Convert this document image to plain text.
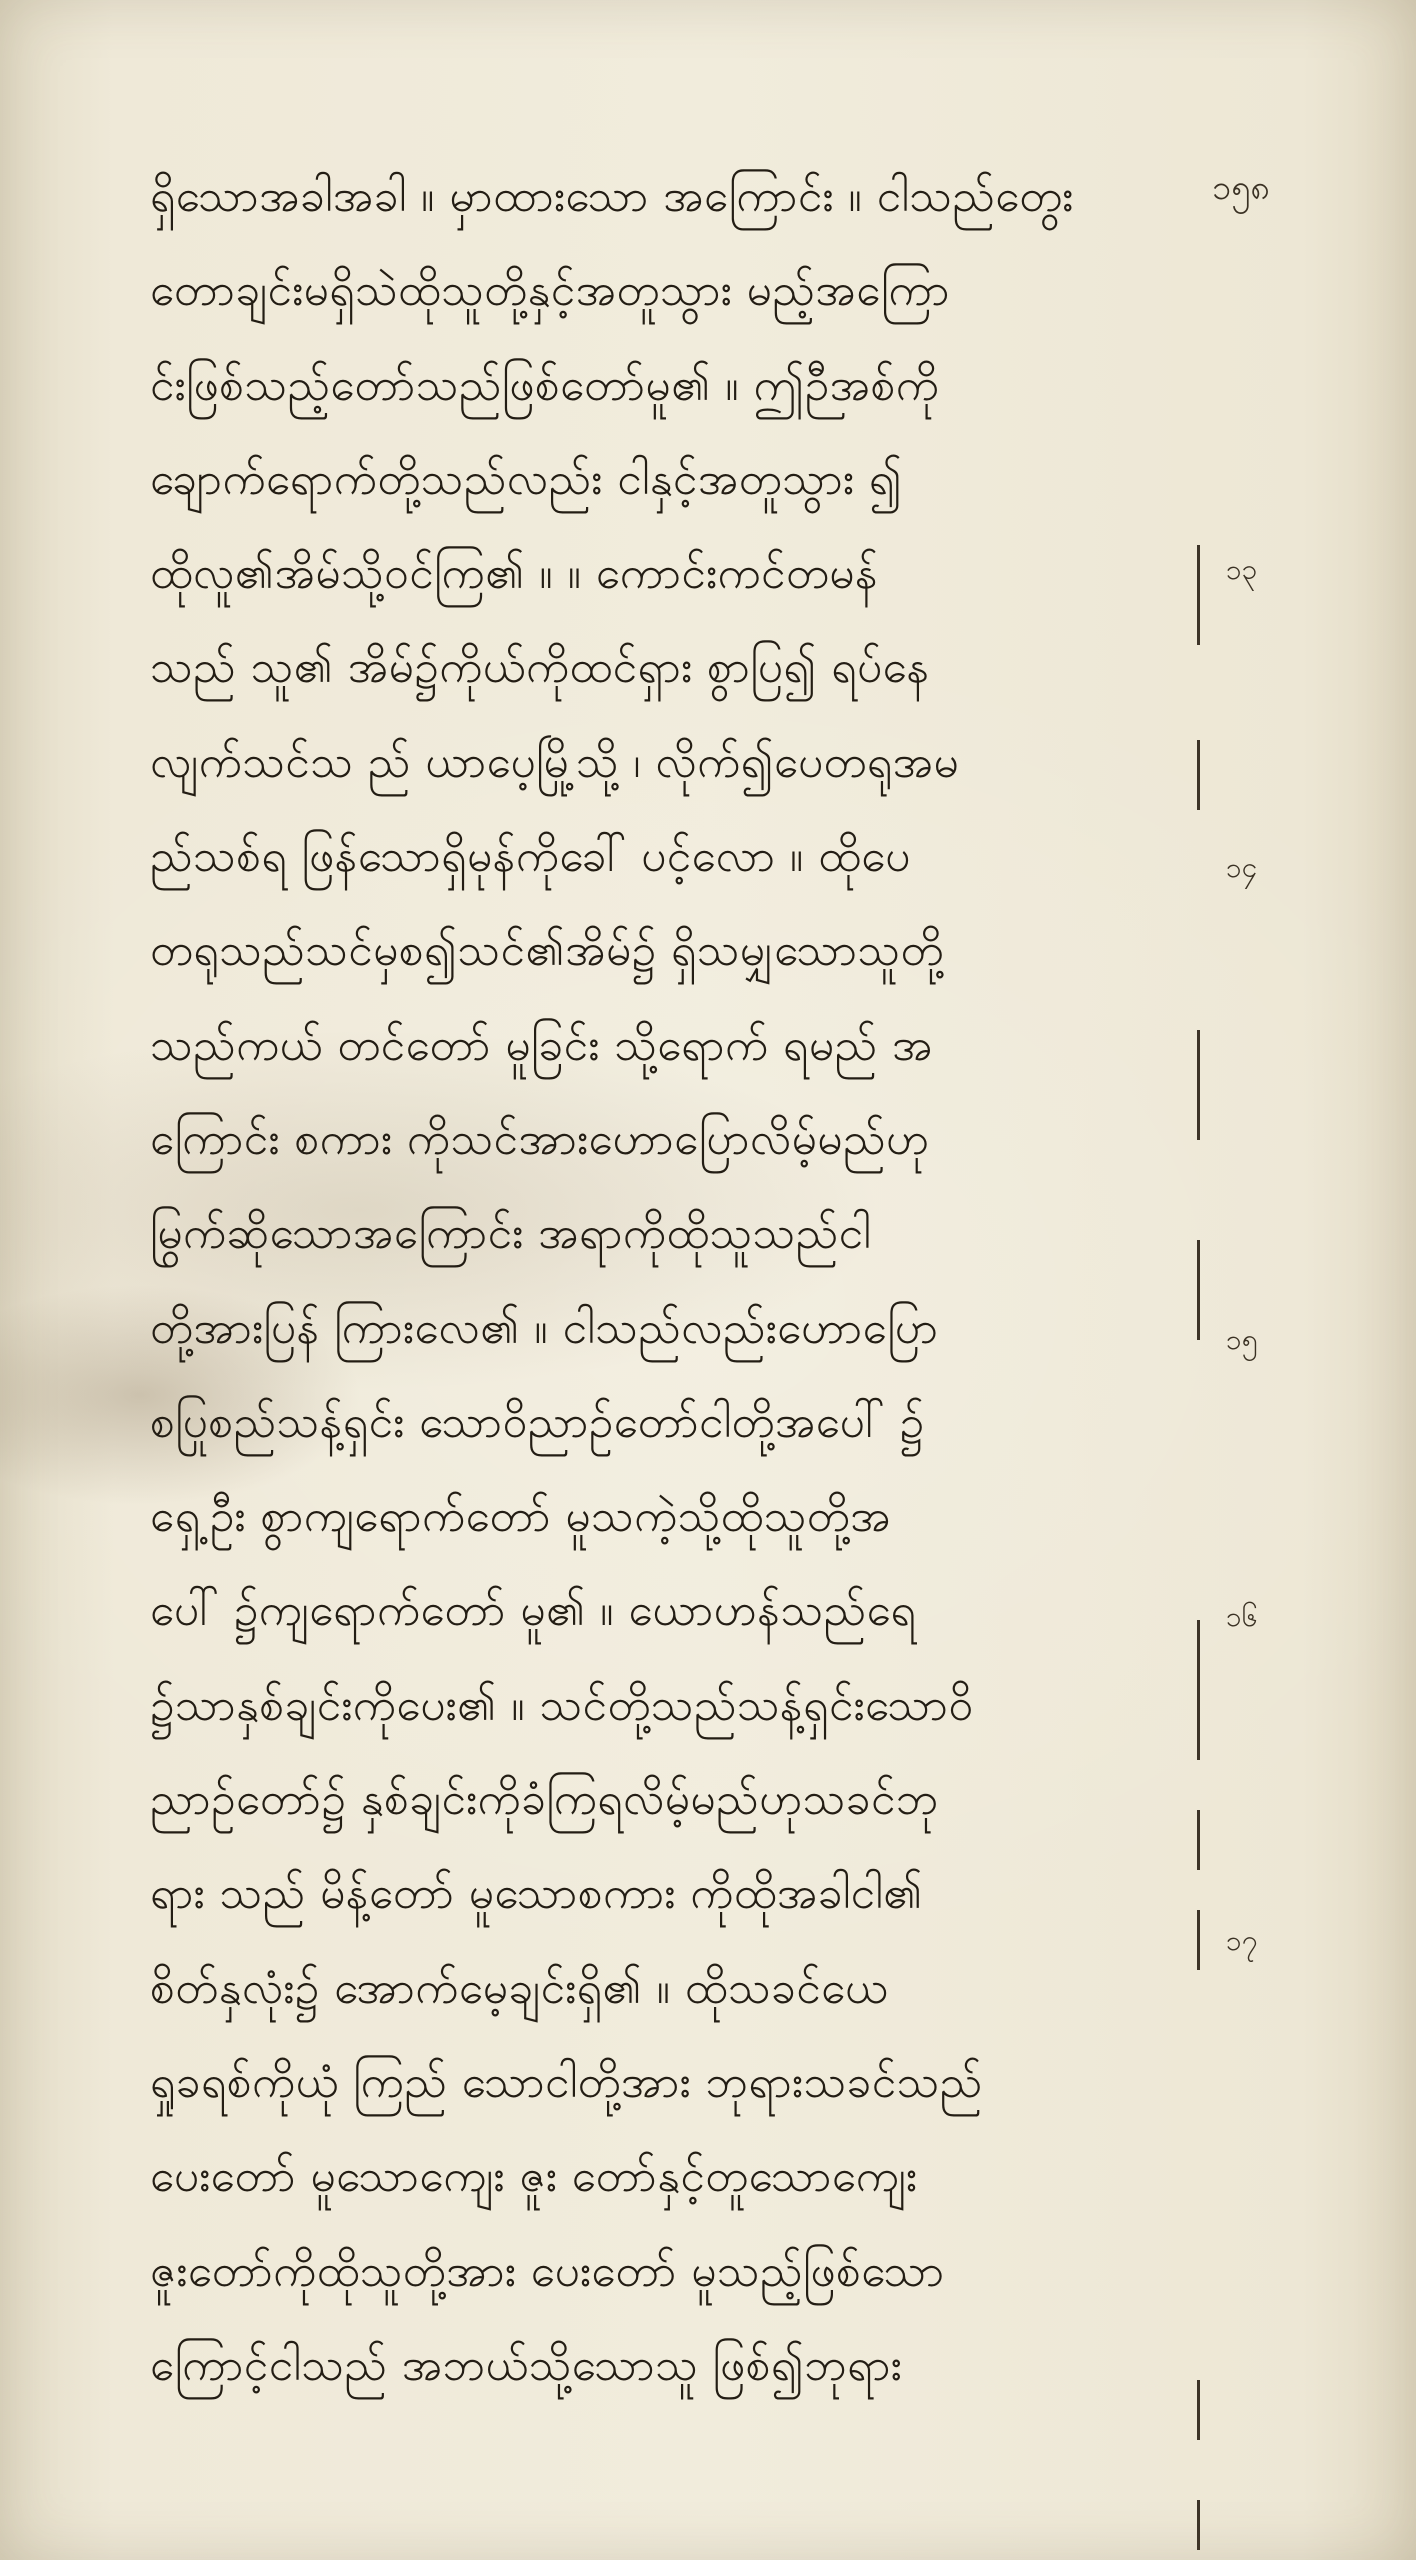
၁၅၈
ရှိသောအခါအခါ ။ မှာထားသော အကြောင်း ။ ငါသည်တွေး
တောချင်းမရှိသဲထိုသူတို့နှင့်အတူသွား မည့်အကြော
င်းဖြစ်သည့်တော်သည်ဖြစ်တော်မူ၏ ။ ဤဉီအစ်ကို
ချောက်ရောက်တို့သည်လည်း ငါနှင့်အတူသွား ၍
ထိုလူ၏အိမ်သို့ဝင်ကြ၏ ။ ။ ကောင်းကင်တမန်
သည် သူ၏ အိမ်၌ကိုယ်ကိုထင်ရှား စွာပြ၍ ရပ်နေ
လျက်သင်သ ည် ယာပေ့မြို့သို့ ၊ လိုက်၍ပေတရုအမ
ည်သစ်ရ ဖြန်သောရှိမုန်ကိုခေါ် ပင့်လော ။ ထိုပေ
တရုသည်သင်မှစ၍သင်၏အိမ်၌ ရှိသမျှသောသူတို့
သည်ကယ် တင်တော် မူခြင်း သို့ရောက် ရမည် အ
ကြောင်း စကား ကိုသင်အားဟောပြောလိမ့်မည်ဟု
မြွက်ဆိုသောအကြောင်း အရာကိုထိုသူသည်ငါ
တို့အားပြန် ကြားလေ၏ ။ ငါသည်လည်းဟောပြော
စပြုစည်သန့်ရှင်း သောဝိညာဉ်တော်ငါတို့အပေါ် ၌
ရှေ့ဦး စွာကျရောက်တော် မူသကဲ့သို့ထိုသူတို့အ
ပေါ် ၌ကျရောက်တော် မူ၏ ။ ယောဟန်သည်ရေ
၌သာနှစ်ချင်းကိုပေး၏ ။ သင်တို့သည်သန့်ရှင်းသောဝိ
ညာဉ်တော်၌ နှစ်ချင်းကိုခံကြရလိမ့်မည်ဟုသခင်ဘု
ရား သည် မိန့်တော် မူသောစကား ကိုထိုအခါငါ၏
စိတ်နှလုံး၌ အောက်မေ့ချင်းရှိ၏ ။ ထိုသခင်ယေ
ရှုခရစ်ကိုယုံ ကြည် သောငါတို့အား ဘုရားသခင်သည်
ပေးတော် မူသောကျေး ဇူး တော်နှင့်တူသောကျေး
ဇူးတော်ကိုထိုသူတို့အား ပေးတော် မူသည့်ဖြစ်သော
ကြောင့်ငါသည် အဘယ်သို့သောသူ ဖြစ်၍ဘုရား
၁၃
၁၄
၁၅
၁၆
၁၇
